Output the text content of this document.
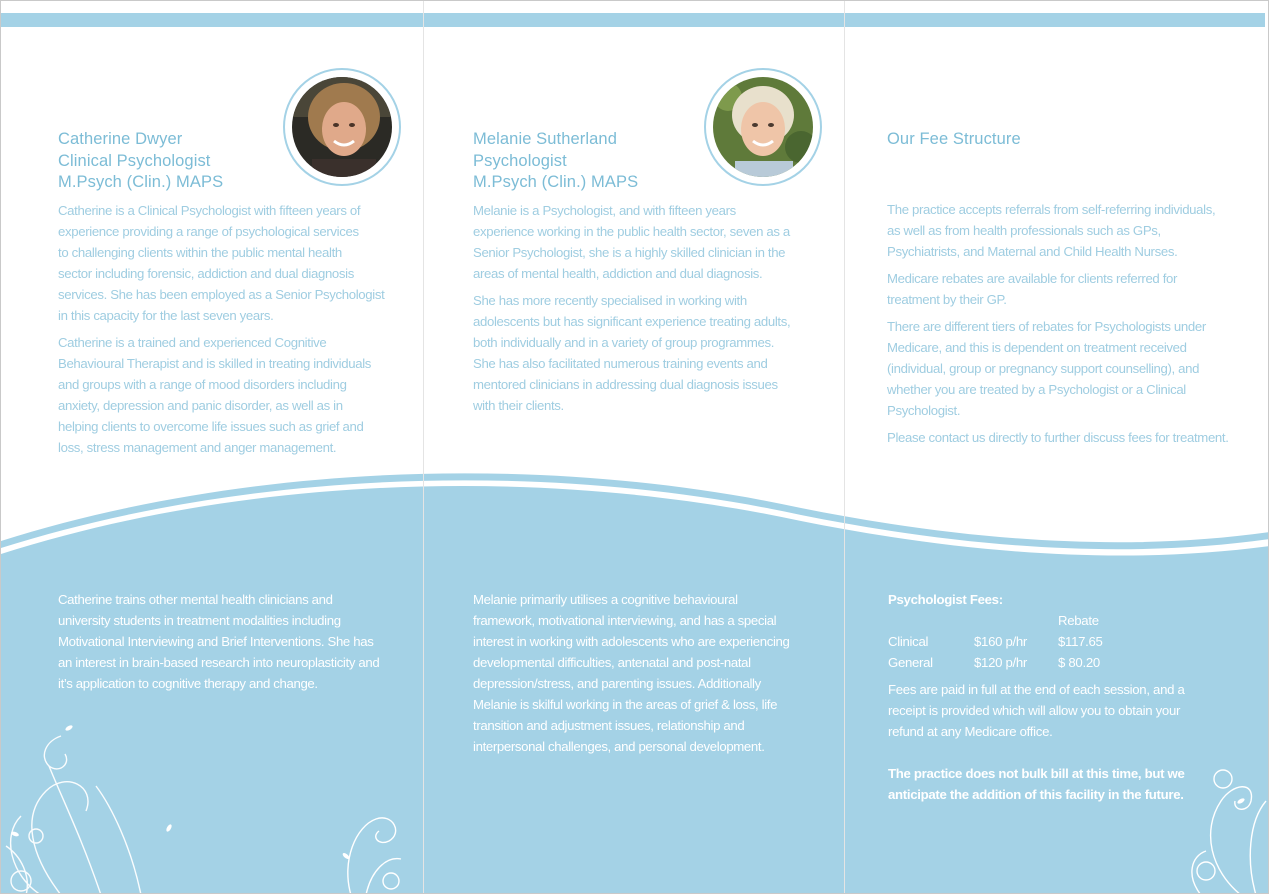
Catherine Dwyer
Clinical Psychologist
M.Psych (Clin.) MAPS

Catherine is a Clinical Psychologist with fifteen years of
experience providing a range of psychological services
to challenging clients within the public mental health
sector including forensic, addiction and dual diagnosis
services. She has been employed as a Senior Psychologist
in this capacity for the last seven years.

Catherine is a trained and experienced Cognitive
Behavioural Therapist and is skilled in treating individuals
and groups with a range of mood disorders including
anxiety, depression and panic disorder, as well as in
helping clients to overcome life issues such as grief and
loss, stress management and anger management.

Catherine trains other mental health clinicians and
university students in treatment modalities including
Motivational Interviewing and Brief Interventions. She has
an interest in brain-based research into neuroplasticity and
it’s application to cognitive therapy and change.
Melanie Sutherland
Psychologist
M.Psych (Clin.) MAPS

Melanie is a Psychologist, and with fifteen years
experience working in the public health sector, seven as a
Senior Psychologist, she is a highly skilled clinician in the
areas of mental health, addiction and dual diagnosis.

She has more recently specialised in working with
adolescents but has significant experience treating adults,
both individually and in a variety of group programmes.
She has also facilitated numerous training events and
mentored clinicians in addressing dual diagnosis issues
with their clients.

Melanie primarily utilises a cognitive behavioural
framework, motivational interviewing, and has a special
interest in working with adolescents who are experiencing
developmental difficulties, antenatal and post-natal
depression/stress, and parenting issues. Additionally
Melanie is skilful working in the areas of grief & loss, life
transition and adjustment issues, relationship and
interpersonal challenges, and personal development.
Our Fee Structure

The practice accepts referrals from self-referring individuals,
as well as from health professionals such as GPs,
Psychiatrists, and Maternal and Child Health Nurses.

Medicare rebates are available for clients referred for
treatment by their GP.

There are different tiers of rebates for Psychologists under
Medicare, and this is dependent on treatment received
(individual, group or pregnancy support counselling), and
whether you are treated by a Psychologist or a Clinical
Psychologist.

Please contact us directly to further discuss fees for treatment.

Psychologist Fees:
Rebate
Clinical	$160 p/hr $117.65
General	$120 p/hr $ 80.20
Fees are paid in full at the end of each session, and a
receipt is provided which will allow you to obtain your
refund at any Medicare office.
The practice does not bulk bill at this time, but we
anticipate the addition of this facility in the future.
